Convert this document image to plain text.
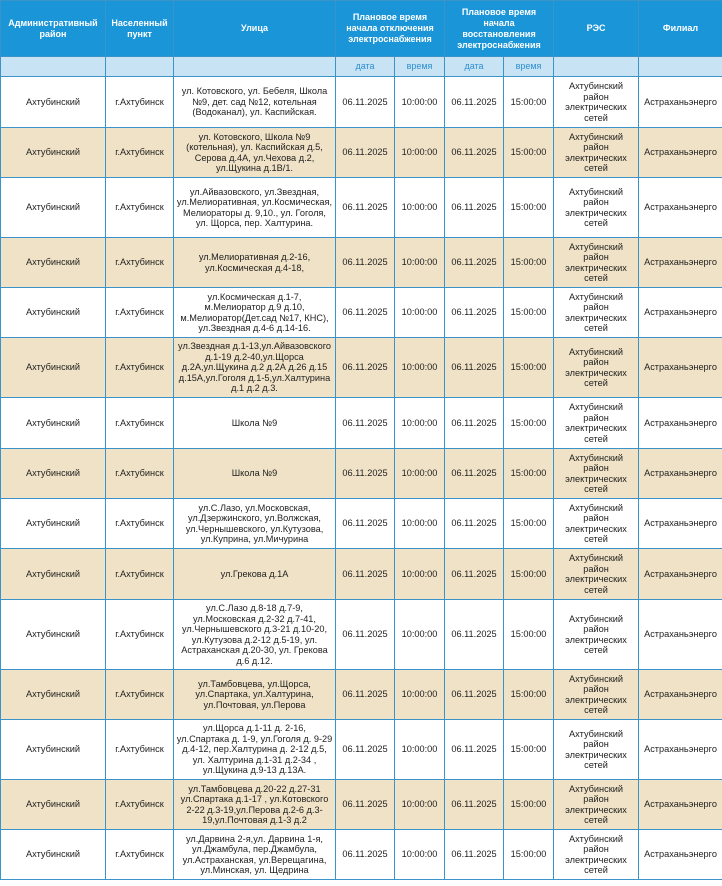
Административный район	Населенный пункт	Улица	Плановое время начала отключения электроснабжения		Плановое время начала восстановления электроснабжения		РЭС	Филиал
			дата	время	дата	время		
Ахтубинский	г.Ахтубинск	ул. Котовского, ул. Бебеля, Школа №9, дет. сад №12, котельная (Водоканал), ул. Каспийская.	06.11.2025	10:00:00	06.11.2025	15:00:00	Ахтубинский район электрических сетей	Астраханьэнерго
Ахтубинский	г.Ахтубинск	ул. Котовского, Школа №9 (котельная), ул. Каспийская д.5, Серова д.4А, ул.Чехова д.2, ул.Щукина д.1В/1.	06.11.2025	10:00:00	06.11.2025	15:00:00	Ахтубинский район электрических сетей	Астраханьэнерго
Ахтубинский	г.Ахтубинск	ул.Айвазовского, ул.Звездная, ул.Мелиоративная, ул.Космическая, Мелиораторы д. 9,10., ул. Гоголя, ул. Щорса, пер. Халтурина.	06.11.2025	10:00:00	06.11.2025	15:00:00	Ахтубинский район электрических сетей	Астраханьэнерго
Ахтубинский	г.Ахтубинск	ул.Мелиоративная д.2-16, ул.Космическая д.4-18,	06.11.2025	10:00:00	06.11.2025	15:00:00	Ахтубинский район электрических сетей	Астраханьэнерго
Ахтубинский	г.Ахтубинск	ул.Космическая д.1-7, м.Мелиоратор д.9 д.10, м.Мелиоратор(Дет.сад №17, КНС), ул.Звездная д.4-6 д.14-16.	06.11.2025	10:00:00	06.11.2025	15:00:00	Ахтубинский район электрических сетей	Астраханьэнерго
Ахтубинский	г.Ахтубинск	ул.Звездная д.1-13,ул.Айвазовского д.1-19 д.2-40,ул.Щорса д.2А,ул.Щукина д.2 д.2А д.26 д.15 д.15А,ул.Гоголя д.1-5,ул.Халтурина д.1 д.2 д.3.	06.11.2025	10:00:00	06.11.2025	15:00:00	Ахтубинский район электрических сетей	Астраханьэнерго
Ахтубинский	г.Ахтубинск	Школа №9	06.11.2025	10:00:00	06.11.2025	15:00:00	Ахтубинский район электрических сетей	Астраханьэнерго
Ахтубинский	г.Ахтубинск	Школа №9	06.11.2025	10:00:00	06.11.2025	15:00:00	Ахтубинский район электрических сетей	Астраханьэнерго
Ахтубинский	г.Ахтубинск	ул.С.Лазо, ул.Московская, ул.Дзержинского, ул.Волжская, ул.Чернышевского, ул.Кутузова, ул.Куприна, ул.Мичурина	06.11.2025	10:00:00	06.11.2025	15:00:00	Ахтубинский район электрических сетей	Астраханьэнерго
Ахтубинский	г.Ахтубинск	ул.Грекова д.1А	06.11.2025	10:00:00	06.11.2025	15:00:00	Ахтубинский район электрических сетей	Астраханьэнерго
Ахтубинский	г.Ахтубинск	ул.С.Лазо д.8-18 д.7-9, ул.Московская д.2-32 д.7-41, ул.Чернышевского д.3-21 д.10-20, ул.Кутузова д.2-12 д.5-19, ул. Астраханская д.20-30, ул. Грекова д.6 д.12.	06.11.2025	10:00:00	06.11.2025	15:00:00	Ахтубинский район электрических сетей	Астраханьэнерго
Ахтубинский	г.Ахтубинск	ул.Тамбовцева, ул.Щорса, ул.Спартака, ул.Халтурина, ул.Почтовая, ул.Перова	06.11.2025	10:00:00	06.11.2025	15:00:00	Ахтубинский район электрических сетей	Астраханьэнерго
Ахтубинский	г.Ахтубинск	ул.Щорса д.1-11 д. 2-16, ул.Спартака д. 1-9, ул.Гоголя д. 9-29 д.4-12, пер.Халтурина д. 2-12 д.5, ул. Халтурина д.1-31 д.2-34 , ул.Щукина д.9-13 д.13А.	06.11.2025	10:00:00	06.11.2025	15:00:00	Ахтубинский район электрических сетей	Астраханьэнерго
Ахтубинский	г.Ахтубинск	ул.Тамбовцева д.20-22 д.27-31 ул.Спартака д.1-17 , ул.Котовского 2-22 д.3-19,ул.Перова д.2-6 д.3-19,ул.Почтовая д.1-3 д.2	06.11.2025	10:00:00	06.11.2025	15:00:00	Ахтубинский район электрических сетей	Астраханьэнерго
Ахтубинский	г.Ахтубинск	ул.Дарвина 2-я,ул. Дарвина 1-я, ул.Джамбула, пер.Джамбула, ул.Астраханская, ул.Верещагина, ул.Минская, ул. Щедрина	06.11.2025	10:00:00	06.11.2025	15:00:00	Ахтубинский район электрических сетей	Астраханьэнерго
